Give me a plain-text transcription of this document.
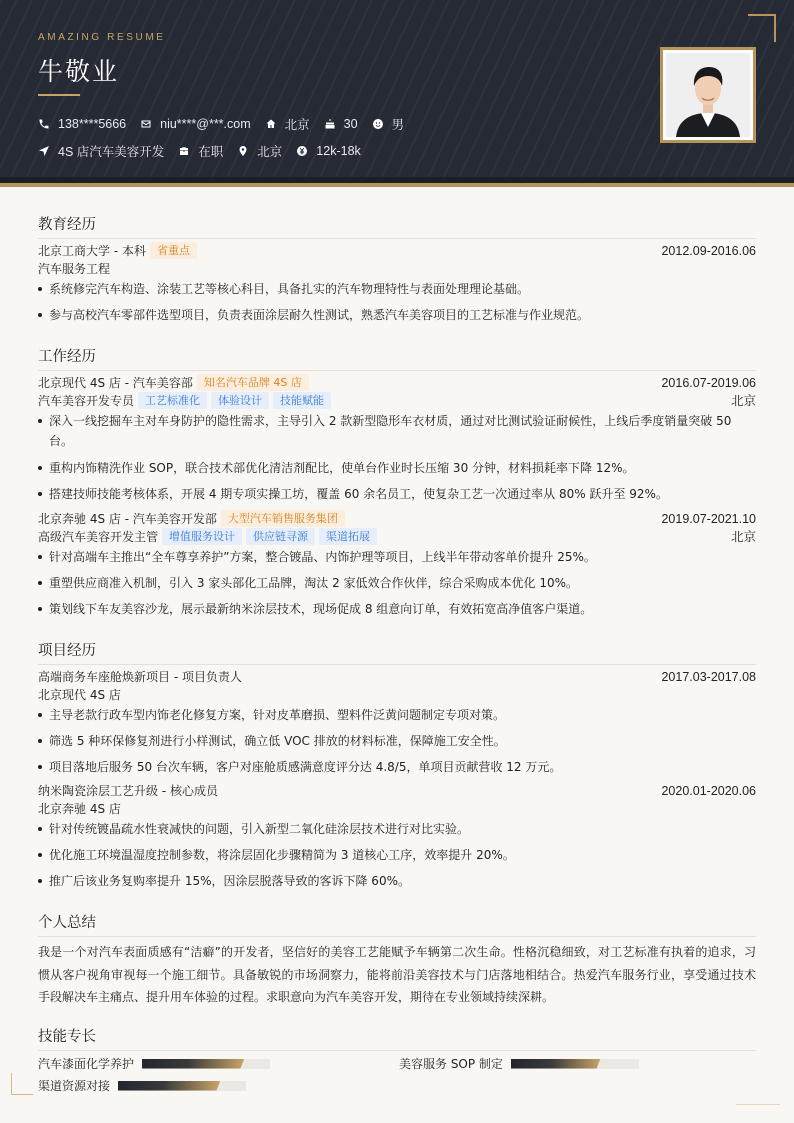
AMAZING RESUME
牛敬业
138****5666	niu****@***.com	北京	30	男
4S 店汽车美容开发	在职	北京	12k-18k
教育经历
北京工商大学 - 本科 省重点	2012.09-2016.06
汽车服务工程
系统修完汽车构造、涂装工艺等核心科目，具备扎实的汽车物理特性与表面处理理论基础。
参与高校汽车零部件选型项目，负责表面涂层耐久性测试，熟悉汽车美容项目的工艺标准与作业规范。
工作经历
北京现代 4S 店 - 汽车美容部 知名汽车品牌 4S 店	2016.07-2019.06
汽车美容开发专员 工艺标准化 体验设计 技能赋能	北京
深入一线挖掘车主对车身防护的隐性需求，主导引入 2 款新型隐形车衣材质，通过对比测试验证耐候性，上线后季度销量突破 50 台。
重构内饰精洗作业 SOP，联合技术部优化清洁剂配比，使单台作业时长压缩 30 分钟，材料损耗率下降 12%。
搭建技师技能考核体系，开展 4 期专项实操工坊，覆盖 60 余名员工，使复杂工艺一次通过率从 80% 跃升至 92%。
北京奔驰 4S 店 - 汽车美容开发部 大型汽车销售服务集团	2019.07-2021.10
高级汽车美容开发主管 增值服务设计 供应链寻源 渠道拓展	北京
针对高端车主推出“全车尊享养护”方案，整合镀晶、内饰护理等项目，上线半年带动客单价提升 25%。
重塑供应商准入机制，引入 3 家头部化工品牌，淘汰 2 家低效合作伙伴，综合采购成本优化 10%。
策划线下车友美容沙龙，展示最新纳米涂层技术，现场促成 8 组意向订单，有效拓宽高净值客户渠道。
项目经历
高端商务车座舱焕新项目 - 项目负责人	2017.03-2017.08
北京现代 4S 店
主导老款行政车型内饰老化修复方案，针对皮革磨损、塑料件泛黄问题制定专项对策。
筛选 5 种环保修复剂进行小样测试，确立低 VOC 排放的材料标准，保障施工安全性。
项目落地后服务 50 台次车辆，客户对座舱质感满意度评分达 4.8/5，单项目贡献营收 12 万元。
纳米陶瓷涂层工艺升级 - 核心成员	2020.01-2020.06
北京奔驰 4S 店
针对传统镀晶疏水性衰减快的问题，引入新型二氧化硅涂层技术进行对比实验。
优化施工环境温湿度控制参数，将涂层固化步骤精简为 3 道核心工序，效率提升 20%。
推广后该业务复购率提升 15%，因涂层脱落导致的客诉下降 60%。
个人总结
我是一个对汽车表面质感有“洁癖”的开发者，坚信好的美容工艺能赋予车辆第二次生命。性格沉稳细致，对工艺标准有执着的追求，习惯从客户视角审视每一个施工细节。具备敏锐的市场洞察力，能将前沿美容技术与门店落地相结合。热爱汽车服务行业，享受通过技术手段解决车主痛点、提升用车体验的过程。求职意向为汽车美容开发，期待在专业领域持续深耕。
技能专长
汽车漆面化学养护	美容服务 SOP 制定
渠道资源对接
